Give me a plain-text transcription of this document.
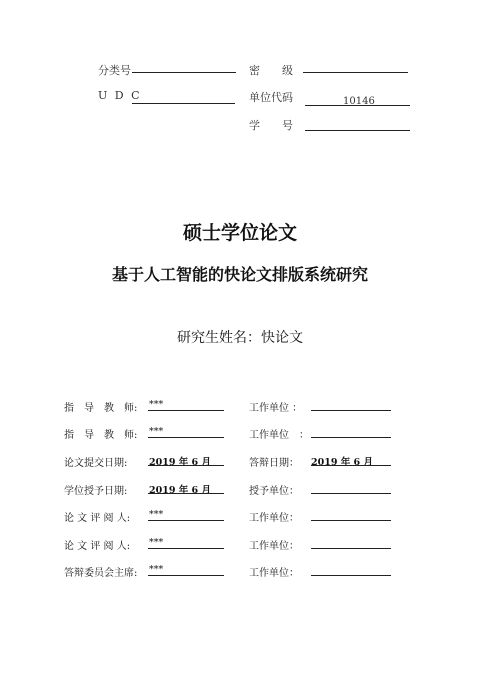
分类号	密　　级
U D C	单位代码	10146
学　　号
硕士学位论文
基于人工智能的快论文排版系统研究
研究生姓名：快论文
指　导　教　师: ***	工作单位 ：
指　导　教　师: ***	工作单位　：
论文提交日期: 2019 年 6 月	答辩日期： 2019 年 6 月
学位授予日期: 2019 年 6 月	授予单位：
论 文 评 阅 人: ***	工作单位：
论 文 评 阅 人: ***	工作单位：
答辩委员会主席: ***	工作单位：
